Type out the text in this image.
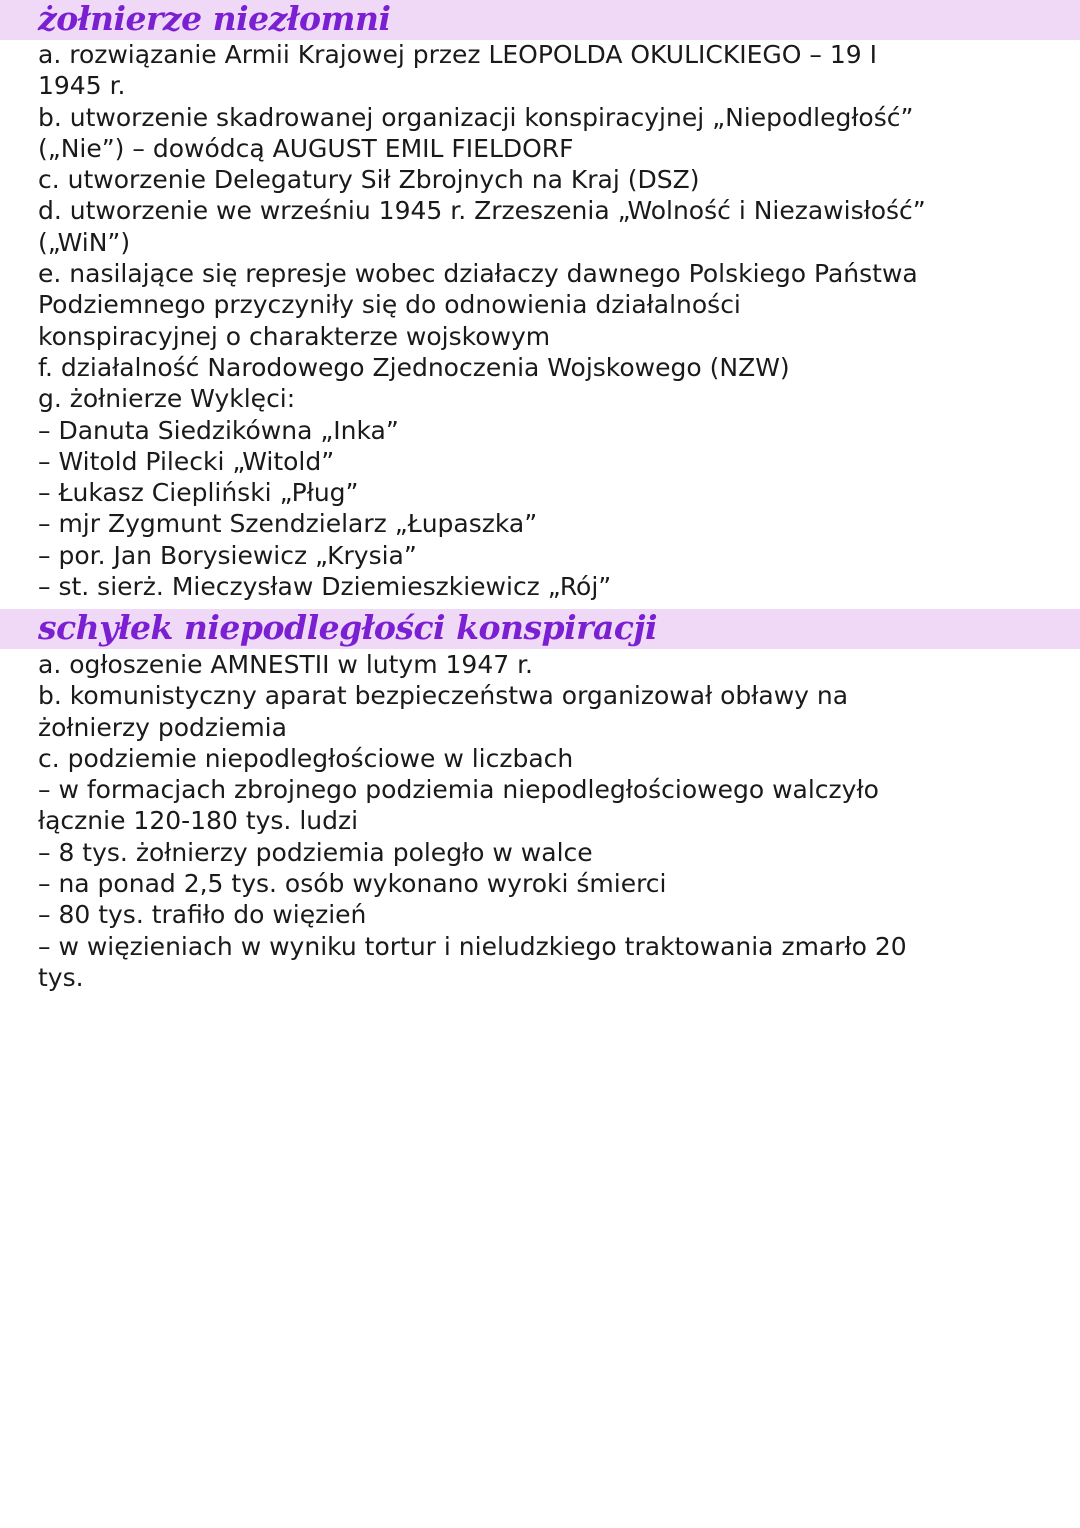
żołnierze niezłomni
a. rozwiązanie Armii Krajowej przez LEOPOLDA OKULICKIEGO – 19 I
1945 r.
b. utworzenie skadrowanej organizacji konspiracyjnej „Niepodległość”
(„Nie”) – dowódcą AUGUST EMIL FIELDORF
c. utworzenie Delegatury Sił Zbrojnych na Kraj (DSZ)
d. utworzenie we wrześniu 1945 r. Zrzeszenia „Wolność i Niezawisłość”
(„WiN”)
e. nasilające się represje wobec działaczy dawnego Polskiego Państwa
Podziemnego przyczyniły się do odnowienia działalności
konspiracyjnej o charakterze wojskowym
f. działalność Narodowego Zjednoczenia Wojskowego (NZW)
g. żołnierze Wyklęci:
– Danuta Siedzikówna „Inka”
– Witold Pilecki „Witold”
– Łukasz Ciepliński „Pług”
– mjr Zygmunt Szendzielarz „Łupaszka”
– por. Jan Borysiewicz „Krysia”
– st. sierż. Mieczysław Dziemieszkiewicz „Rój”
schyłek niepodległości konspiracji
a. ogłoszenie AMNESTII w lutym 1947 r.
b. komunistyczny aparat bezpieczeństwa organizował obławy na
żołnierzy podziemia
c. podziemie niepodległościowe w liczbach
– w formacjach zbrojnego podziemia niepodległościowego walczyło
łącznie 120-180 tys. ludzi
– 8 tys. żołnierzy podziemia poległo w walce
– na ponad 2,5 tys. osób wykonano wyroki śmierci
– 80 tys. trafiło do więzień
– w więzieniach w wyniku tortur i nieludzkiego traktowania zmarło 20
tys.
